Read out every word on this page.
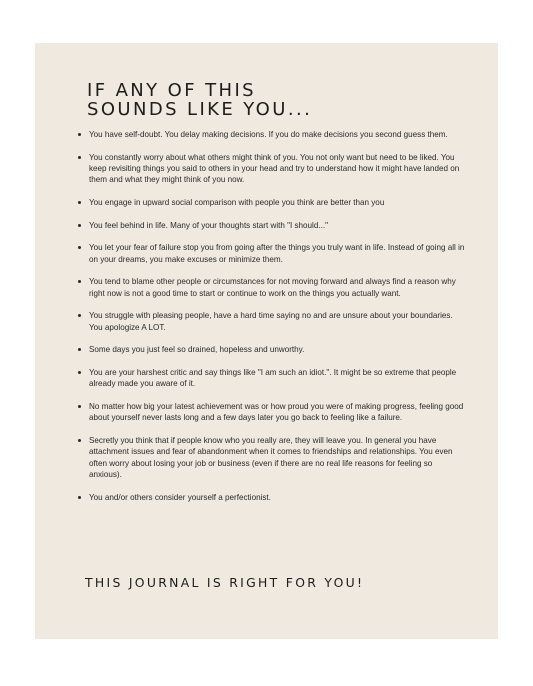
IF ANY OF THIS
SOUNDS LIKE YOU...
You have self-doubt. You delay making decisions. If you do make decisions you second guess them.
You constantly worry about what others might think of you. You not only want but need to be liked. You keep revisiting things you said to others in your head and try to understand how it might have landed on them and what they might think of you now.
You engage in upward social comparison with people you think are better than you
You feel behind in life. Many of your thoughts start with "I should..."
You let your fear of failure stop you from going after the things you truly want in life. Instead of going all in on your dreams, you make excuses or minimize them.
You tend to blame other people or circumstances for not moving forward and always find a reason why right now is not a good time to start or continue to work on the things you actually want.
You struggle with pleasing people, have a hard time saying no and are unsure about your boundaries. You apologize A LOT.
Some days you just feel so drained, hopeless and unworthy.
You are your harshest critic and say things like "I am such an idiot.". It might be so extreme that people already made you aware of it.
No matter how big your latest achievement was or how proud you were of making progress, feeling good about yourself never lasts long and a few days later you go back to feeling like a failure.
Secretly you think that if people know who you really are, they will leave you. In general you have attachment issues and fear of abandonment when it comes to friendships and relationships. You even often worry about losing your job or business (even if there are no real life reasons for feeling so anxious).
You and/or others consider yourself a perfectionist.
THIS JOURNAL IS RIGHT FOR YOU!
